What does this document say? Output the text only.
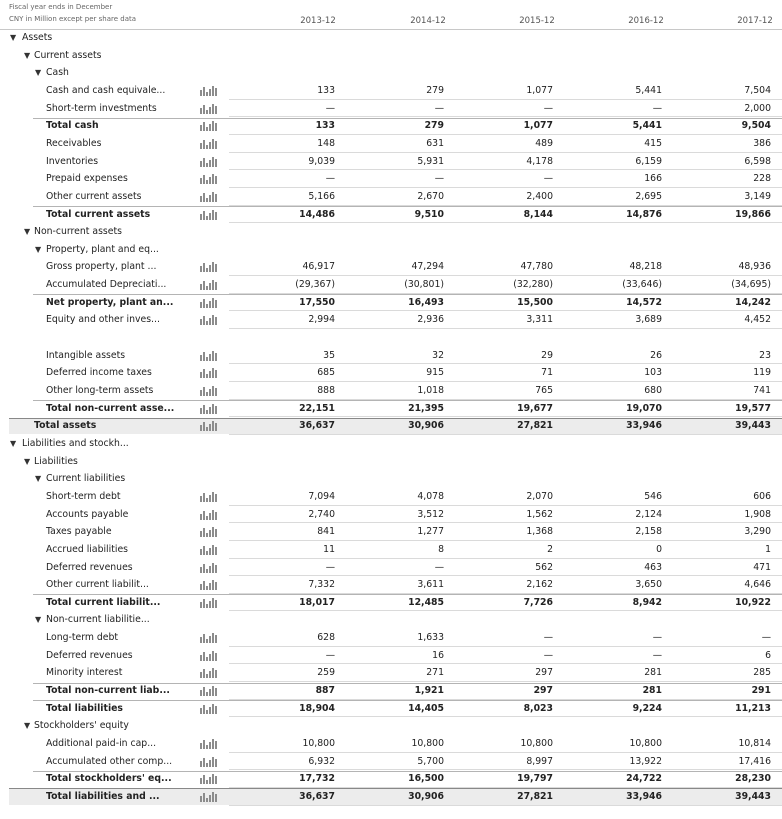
Fiscal year ends in December
CNY in Million except per share data	2013-12	2014-12	2015-12	2016-12	2017-12
▼ Assets
▼ Current assets
▼ Cash
Cash and cash equivale...	133	279	1,077	5,441	7,504
Short-term investments	—	—	—	—	2,000
Total cash	133	279	1,077	5,441	9,504
Receivables	148	631	489	415	386
Inventories	9,039	5,931	4,178	6,159	6,598
Prepaid expenses	—	—	—	166	228
Other current assets	5,166	2,670	2,400	2,695	3,149
Total current assets	14,486	9,510	8,144	14,876	19,866
▼ Non-current assets
▼ Property, plant and eq...
Gross property, plant ...	46,917	47,294	47,780	48,218	48,936
Accumulated Depreciati...	(29,367)	(30,801)	(32,280)	(33,646)	(34,695)
Net property, plant an...	17,550	16,493	15,500	14,572	14,242
Equity and other inves...	2,994	2,936	3,311	3,689	4,452
Intangible assets	35	32	29	26	23
Deferred income taxes	685	915	71	103	119
Other long-term assets	888	1,018	765	680	741
Total non-current asse...	22,151	21,395	19,677	19,070	19,577
Total assets	36,637	30,906	27,821	33,946	39,443
▼ Liabilities and stockh...
▼ Liabilities
▼ Current liabilities
Short-term debt	7,094	4,078	2,070	546	606
Accounts payable	2,740	3,512	1,562	2,124	1,908
Taxes payable	841	1,277	1,368	2,158	3,290
Accrued liabilities	11	8	2	0	1
Deferred revenues	—	—	562	463	471
Other current liabilit...	7,332	3,611	2,162	3,650	4,646
Total current liabilit...	18,017	12,485	7,726	8,942	10,922
▼ Non-current liabilitie...
Long-term debt	628	1,633	—	—	—
Deferred revenues	—	16	—	—	6
Minority interest	259	271	297	281	285
Total non-current liab...	887	1,921	297	281	291
Total liabilities	18,904	14,405	8,023	9,224	11,213
▼ Stockholders' equity
Additional paid-in cap...	10,800	10,800	10,800	10,800	10,814
Accumulated other comp...	6,932	5,700	8,997	13,922	17,416
Total stockholders' eq...	17,732	16,500	19,797	24,722	28,230
Total liabilities and ...	36,637	30,906	27,821	33,946	39,443
